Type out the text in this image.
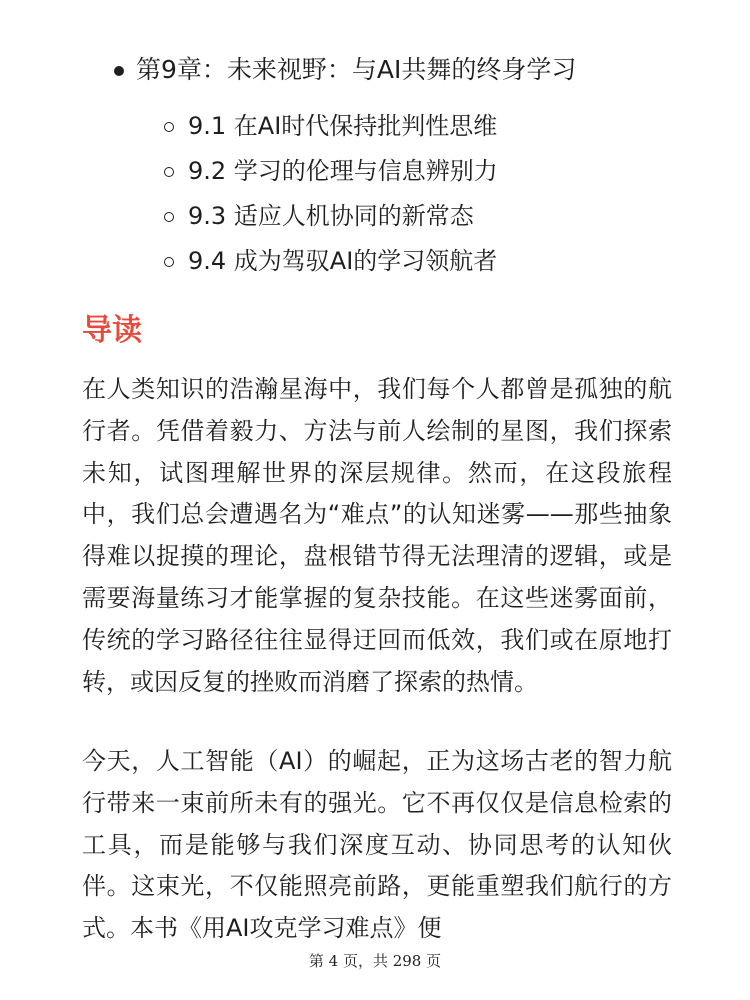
第9章：未来视野：与AI共舞的终身学习
9.1 在AI时代保持批判性思维
9.2 学习的伦理与信息辨别力
9.3 适应人机协同的新常态
9.4 成为驾驭AI的学习领航者
导读

在人类知识的浩瀚星海中，我们每个人都曾是孤独的航行者。凭借着毅力、方法与前人绘制的星图，我们探索未知，试图理解世界的深层规律。然而，在这段旅程中，我们总会遭遇名为“难点”的认知迷雾——那些抽象得难以捉摸的理论，盘根错节得无法理清的逻辑，或是需要海量练习才能掌握的复杂技能。在这些迷雾面前，传统的学习路径往往显得迂回而低效，我们或在原地打转，或因反复的挫败而消磨了探索的热情。

今天，人工智能（AI）的崛起，正为这场古老的智力航行带来一束前所未有的强光。它不再仅仅是信息检索的工具，而是能够与我们深度互动、协同思考的认知伙伴。这束光，不仅能照亮前路，更能重塑我们航行的方式。本书《用AI攻克学习难点》便

第 4 页，共 298 页
